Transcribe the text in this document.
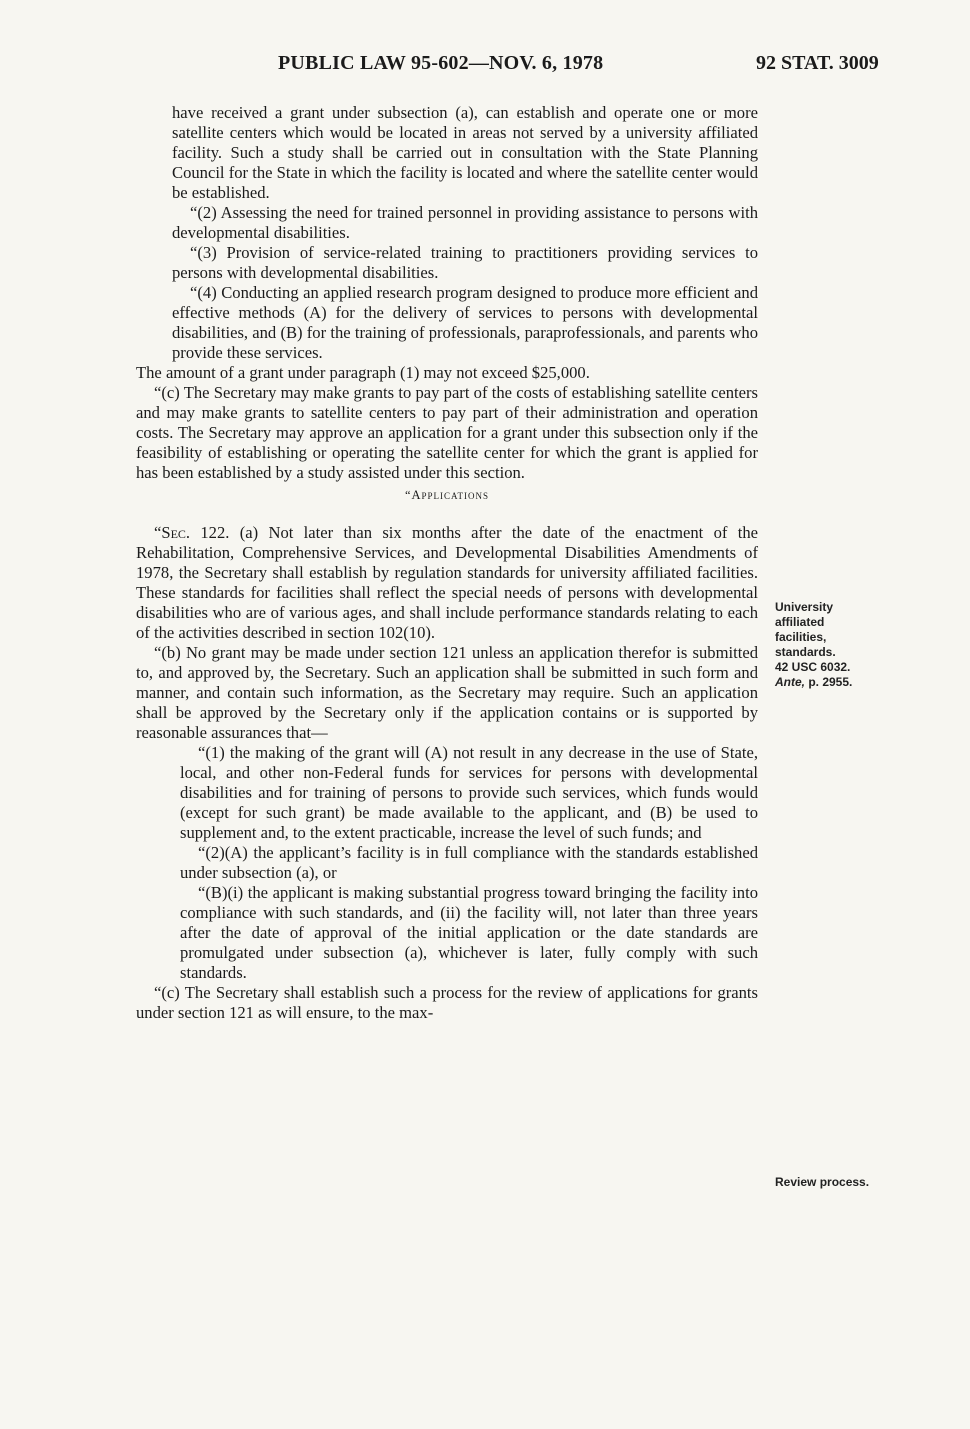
PUBLIC LAW 95-602—NOV. 6, 1978	92 STAT. 3009

have received a grant under subsection (a), can establish and operate one or more satellite centers which would be located in areas not served by a university affiliated facility. Such a study shall be carried out in consultation with the State Planning Council for the State in which the facility is located and where the satellite center would be established.

“(2) Assessing the need for trained personnel in providing assistance to persons with developmental disabilities.

“(3) Provision of service-related training to practitioners providing services to persons with developmental disabilities.

“(4) Conducting an applied research program designed to produce more efficient and effective methods (A) for the delivery of services to persons with developmental disabilities, and (B) for the training of professionals, paraprofessionals, and parents who provide these services.

The amount of a grant under paragraph (1) may not exceed $25,000.

“(c) The Secretary may make grants to pay part of the costs of establishing satellite centers and may make grants to satellite centers to pay part of their administration and operation costs. The Secretary may approve an application for a grant under this subsection only if the feasibility of establishing or operating the satellite center for which the grant is applied for has been established by a study assisted under this section.

“Applications

“Sec. 122. (a) Not later than six months after the date of the enactment of the Rehabilitation, Comprehensive Services, and Developmental Disabilities Amendments of 1978, the Secretary shall establish by regulation standards for university affiliated facilities. These standards for facilities shall reflect the special needs of persons with developmental disabilities who are of various ages, and shall include performance standards relating to each of the activities described in section 102(10).

“(b) No grant may be made under section 121 unless an application therefor is submitted to, and approved by, the Secretary. Such an application shall be submitted in such form and manner, and contain such information, as the Secretary may require. Such an application shall be approved by the Secretary only if the application contains or is supported by reasonable assurances that—

“(1) the making of the grant will (A) not result in any decrease in the use of State, local, and other non-Federal funds for services for persons with developmental disabilities and for training of persons to provide such services, which funds would (except for such grant) be made available to the applicant, and (B) be used to supplement and, to the extent practicable, increase the level of such funds; and

“(2)(A) the applicant’s facility is in full compliance with the standards established under subsection (a), or

“(B)(i) the applicant is making substantial progress toward bringing the facility into compliance with such standards, and (ii) the facility will, not later than three years after the date of approval of the initial application or the date standards are promulgated under subsection (a), whichever is later, fully comply with such standards.

“(c) The Secretary shall establish such a process for the review of applications for grants under section 121 as will ensure, to the max-

University
affiliated
facilities,
standards.
42 USC 6032.
Ante, p. 2955.
Review process.
